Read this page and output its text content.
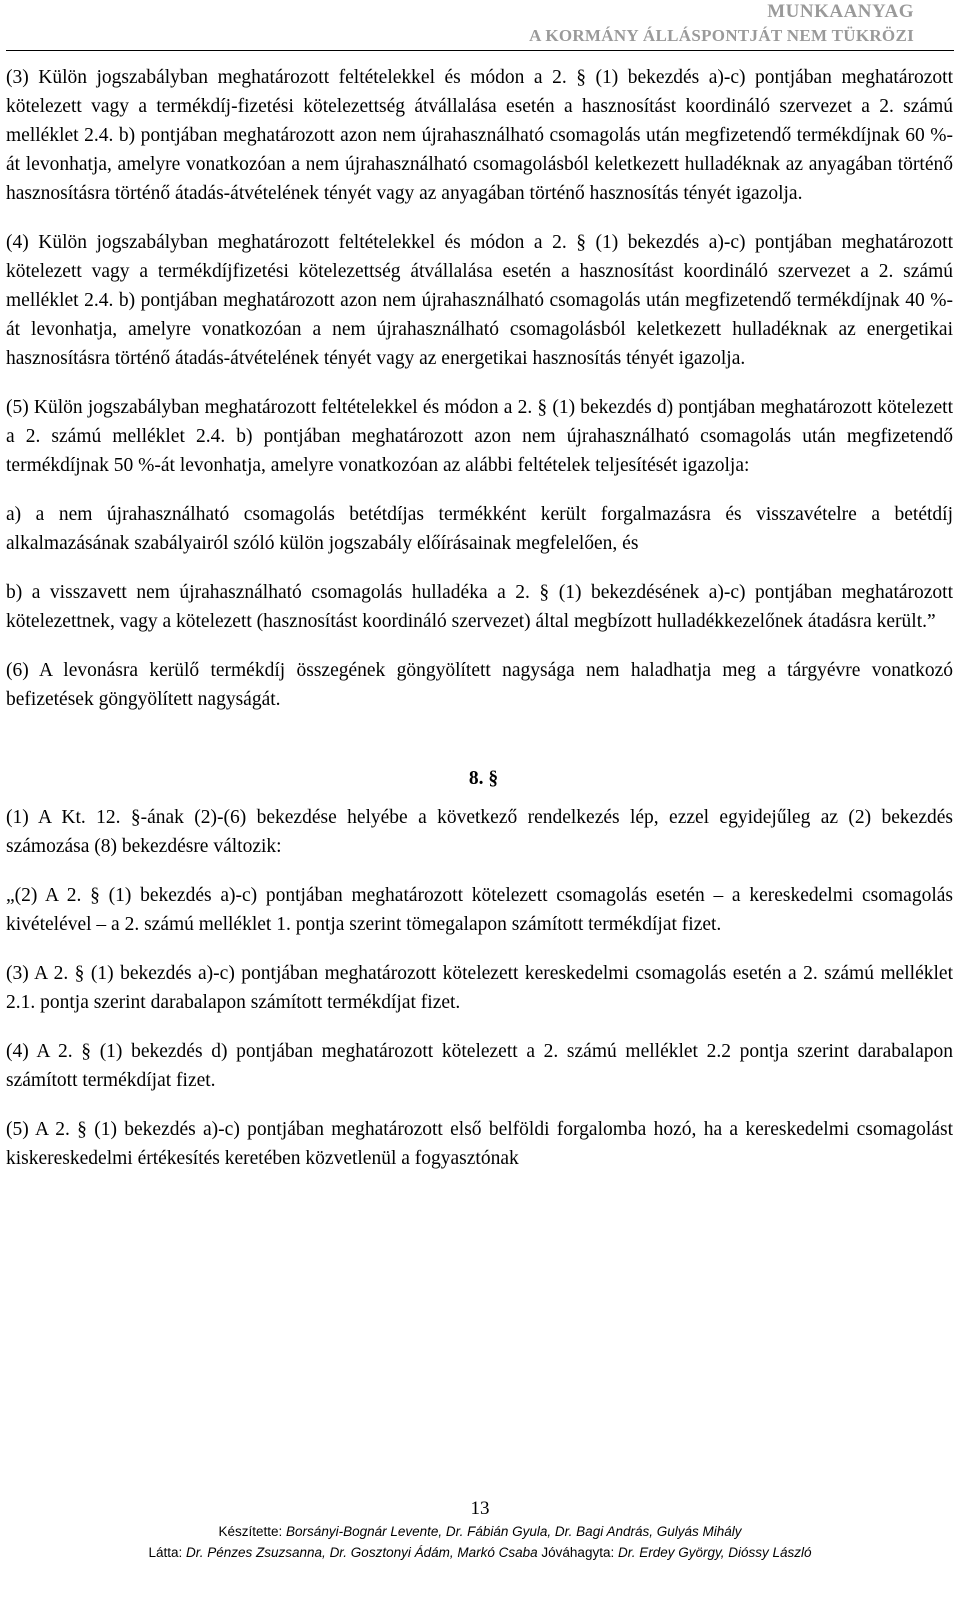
MUNKAANYAG
A KORMÁNY ÁLLÁSPONTJÁT NEM TÜKRÖZI

(3) Külön jogszabályban meghatározott feltételekkel és módon a 2. § (1) bekezdés a)-c) pontjában meghatározott kötelezett vagy a termékdíj-fizetési kötelezettség átvállalása esetén a hasznosítást koordináló szervezet a 2. számú melléklet 2.4. b) pontjában meghatározott azon nem újrahasználható csomagolás után megfizetendő termékdíjnak 60 %-át levonhatja, amelyre vonatkozóan a nem újrahasználható csomagolásból keletkezett hulladéknak az anyagában történő hasznosításra történő átadás-átvételének tényét vagy az anyagában történő hasznosítás tényét igazolja.

(4) Külön jogszabályban meghatározott feltételekkel és módon a 2. § (1) bekezdés a)-c) pontjában meghatározott kötelezett vagy a termékdíjfizetési kötelezettség átvállalása esetén a hasznosítást koordináló szervezet a 2. számú melléklet 2.4. b) pontjában meghatározott azon nem újrahasználható csomagolás után megfizetendő termékdíjnak 40 %-át levonhatja, amelyre vonatkozóan a nem újrahasználható csomagolásból keletkezett hulladéknak az energetikai hasznosításra történő átadás-átvételének tényét vagy az energetikai hasznosítás tényét igazolja.

(5) Külön jogszabályban meghatározott feltételekkel és módon a 2. § (1) bekezdés d) pontjában meghatározott kötelezett a 2. számú melléklet 2.4. b) pontjában meghatározott azon nem újrahasználható csomagolás után megfizetendő termékdíjnak 50 %-át levonhatja, amelyre vonatkozóan az alábbi feltételek teljesítését igazolja:

a) a nem újrahasználható csomagolás betétdíjas termékként került forgalmazásra és visszavételre a betétdíj alkalmazásának szabályairól szóló külön jogszabály előírásainak megfelelően, és

b) a visszavett nem újrahasználható csomagolás hulladéka a 2. § (1) bekezdésének a)-c) pontjában meghatározott kötelezettnek, vagy a kötelezett (hasznosítást koordináló szervezet) által megbízott hulladékkezelőnek átadásra került.”

(6) A levonásra kerülő termékdíj összegének göngyölített nagysága nem haladhatja meg a tárgyévre vonatkozó befizetések göngyölített nagyságát.

8. §

(1) A Kt. 12. §-ának (2)-(6) bekezdése helyébe a következő rendelkezés lép, ezzel egyidejűleg az (2) bekezdés számozása (8) bekezdésre változik:

„(2) A 2. § (1) bekezdés a)-c) pontjában meghatározott kötelezett csomagolás esetén – a kereskedelmi csomagolás kivételével – a 2. számú melléklet 1. pontja szerint tömegalapon számított termékdíjat fizet.

(3) A 2. § (1) bekezdés a)-c) pontjában meghatározott kötelezett kereskedelmi csomagolás esetén a 2. számú melléklet 2.1. pontja szerint darabalapon számított termékdíjat fizet.

(4) A 2. § (1) bekezdés d) pontjában meghatározott kötelezett a 2. számú melléklet 2.2 pontja szerint darabalapon számított termékdíjat fizet.

(5) A 2. § (1) bekezdés a)-c) pontjában meghatározott első belföldi forgalomba hozó, ha a kereskedelmi csomagolást kiskereskedelmi értékesítés keretében közvetlenül a fogyasztónak

13
Készítette: Borsányi-Bognár Levente, Dr. Fábián Gyula, Dr. Bagi András, Gulyás Mihály
Látta: Dr. Pénzes Zsuzsanna, Dr. Gosztonyi Ádám, Markó Csaba Jóváhagyta: Dr. Erdey György, Dióssy László
